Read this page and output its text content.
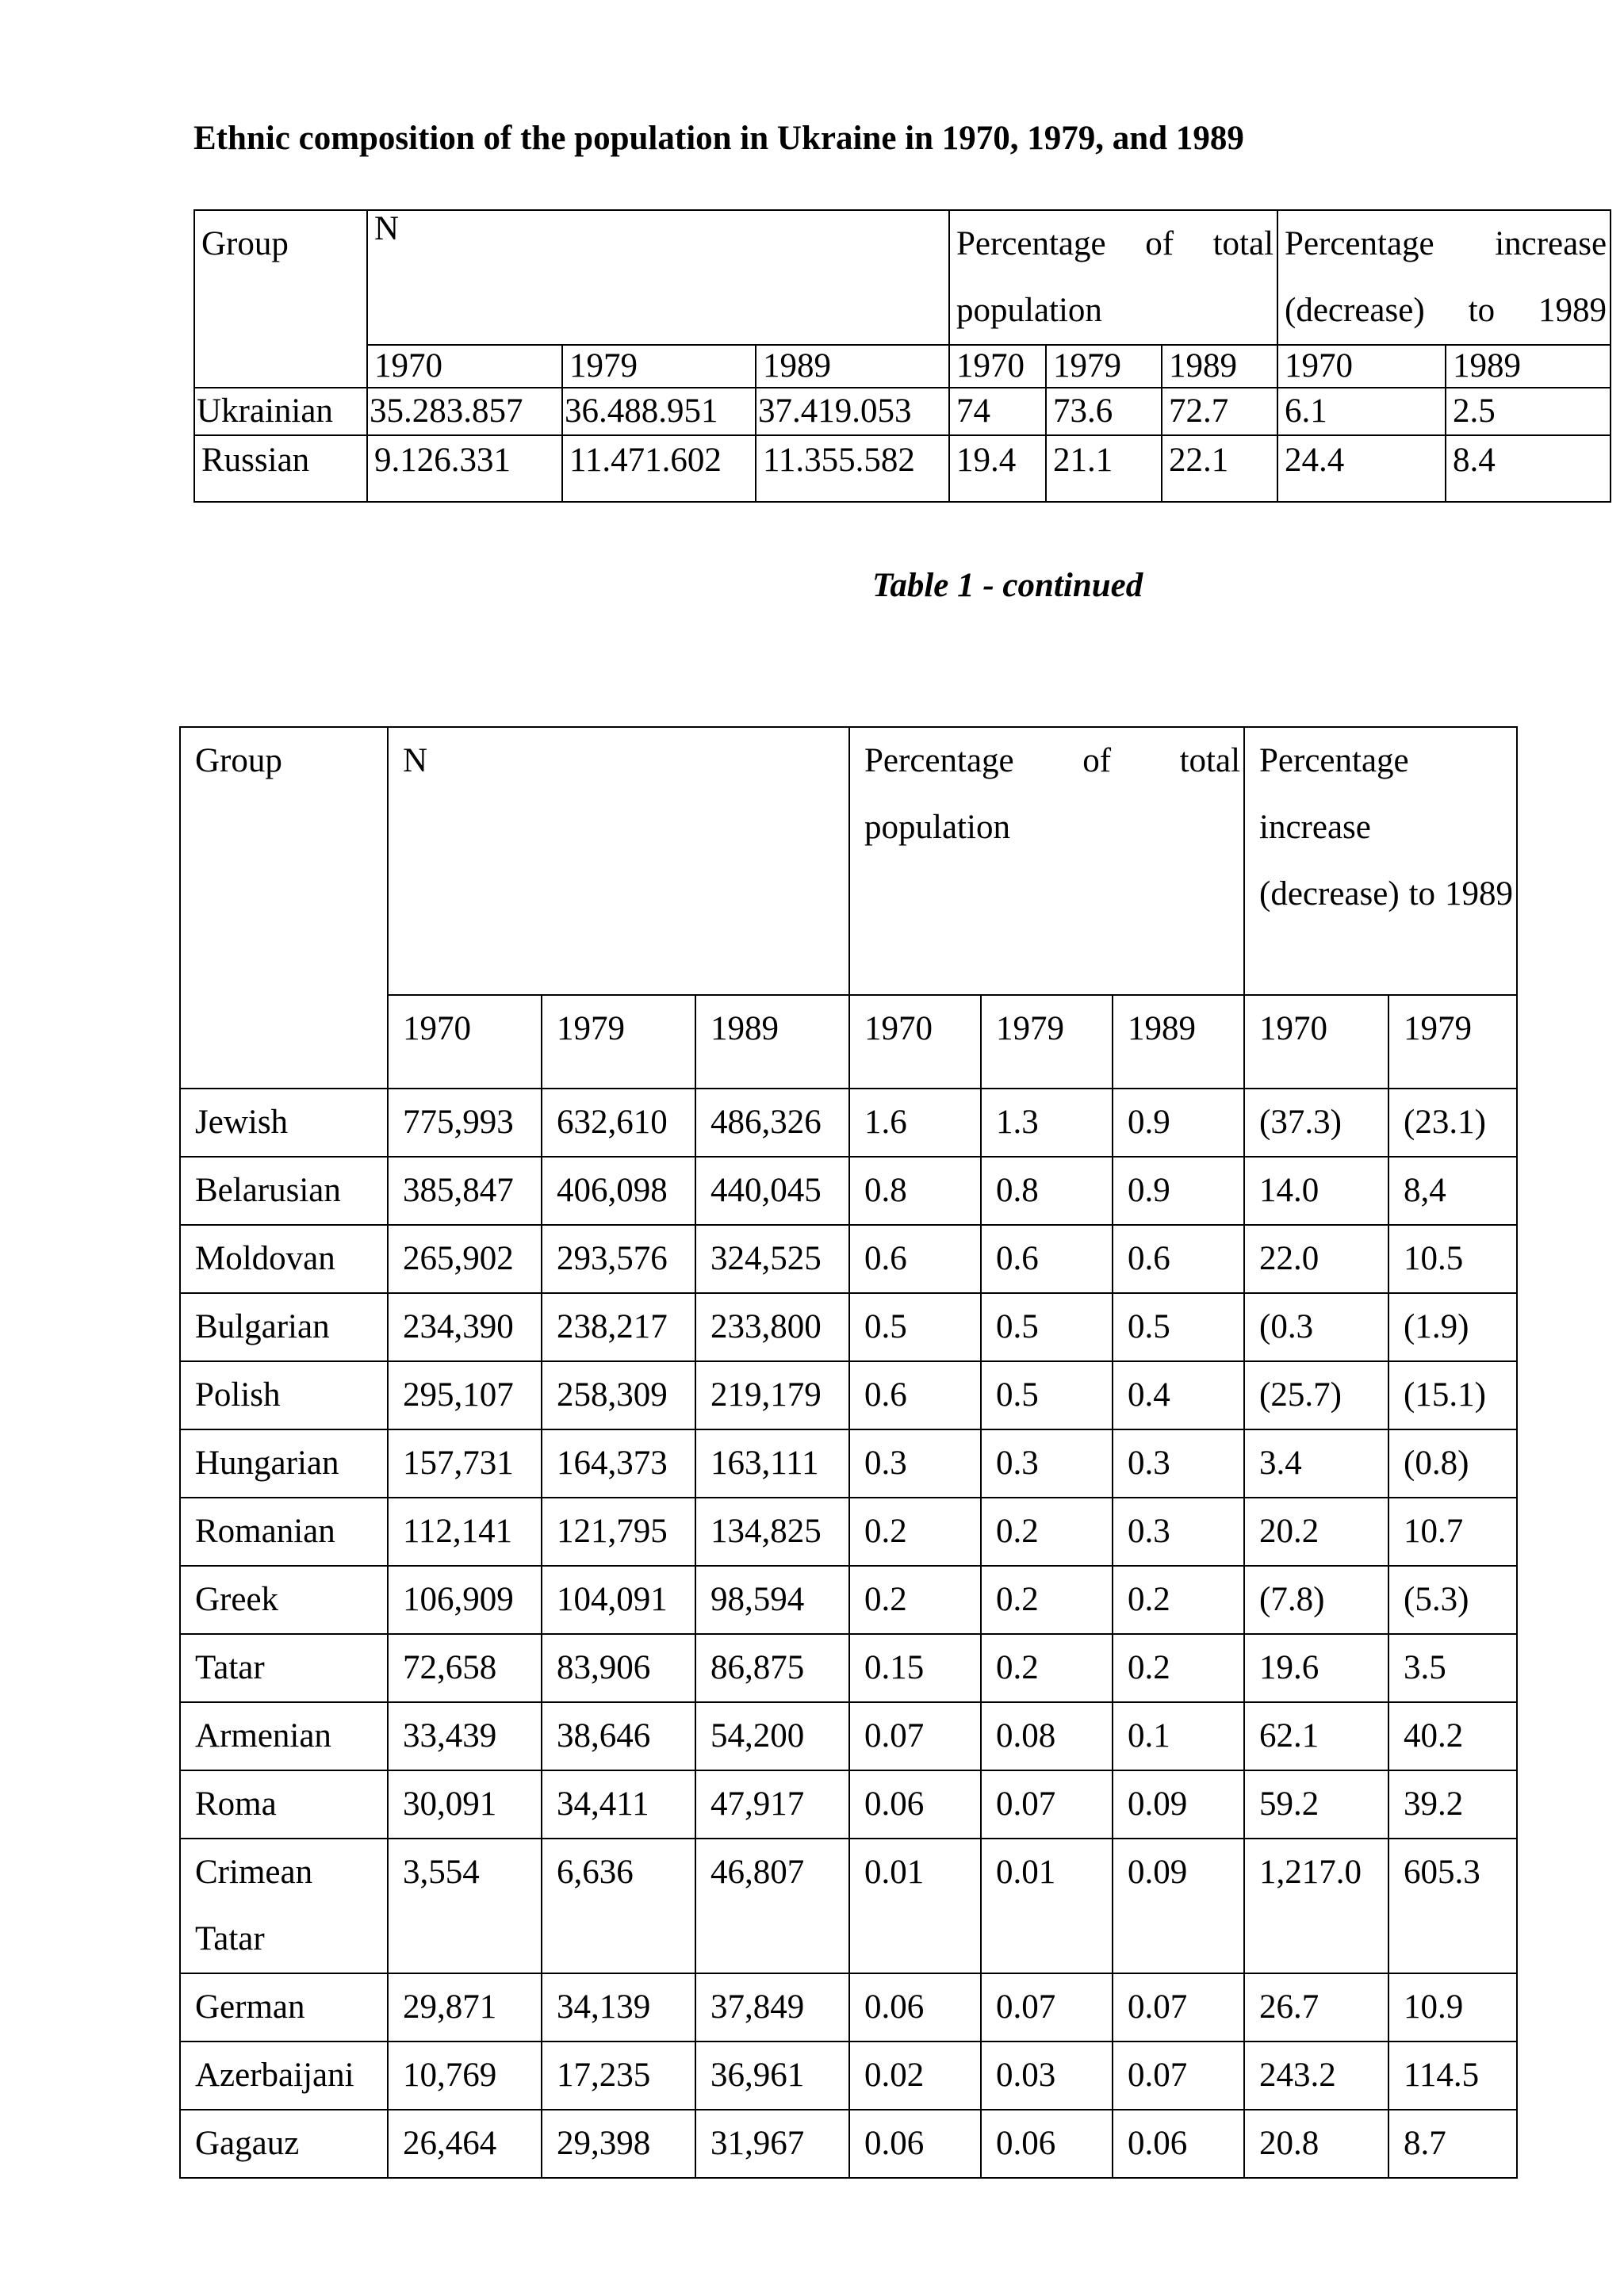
Ethnic composition of the population in Ukraine in 1970, 1979, and 1989
Group	N			Percentage of total population			Percentage increase (decrease) to 1989	
	1970	1979	1989	1970	1979	1989	1970	1989
Ukrainian	35.283.857	36.488.951	37.419.053	74	73.6	72.7	6.1	2.5
Russian	9.126.331	11.471.602	11.355.582	19.4	21.1	22.1	24.4	8.4
Table 1 - continued
Group	N			Percentage of total population			Percentage increase (decrease) to 1989	
	1970	1979	1989	1970	1979	1989	1970	1979
Jewish	775,993	632,610	486,326	1.6	1.3	0.9	(37.3)	(23.1)
Belarusian	385,847	406,098	440,045	0.8	0.8	0.9	14.0	8,4
Moldovan	265,902	293,576	324,525	0.6	0.6	0.6	22.0	10.5
Bulgarian	234,390	238,217	233,800	0.5	0.5	0.5	(0.3	(1.9)
Polish	295,107	258,309	219,179	0.6	0.5	0.4	(25.7)	(15.1)
Hungarian	157,731	164,373	163,111	0.3	0.3	0.3	3.4	(0.8)
Romanian	112,141	121,795	134,825	0.2	0.2	0.3	20.2	10.7
Greek	106,909	104,091	98,594	0.2	0.2	0.2	(7.8)	(5.3)
Tatar	72,658	83,906	86,875	0.15	0.2	0.2	19.6	3.5
Armenian	33,439	38,646	54,200	0.07	0.08	0.1	62.1	40.2
Roma	30,091	34,411	47,917	0.06	0.07	0.09	59.2	39.2
Crimean Tatar	3,554	6,636	46,807	0.01	0.01	0.09	1,217.0	605.3
German	29,871	34,139	37,849	0.06	0.07	0.07	26.7	10.9
Azerbaijani	10,769	17,235	36,961	0.02	0.03	0.07	243.2	114.5
Gagauz	26,464	29,398	31,967	0.06	0.06	0.06	20.8	8.7
